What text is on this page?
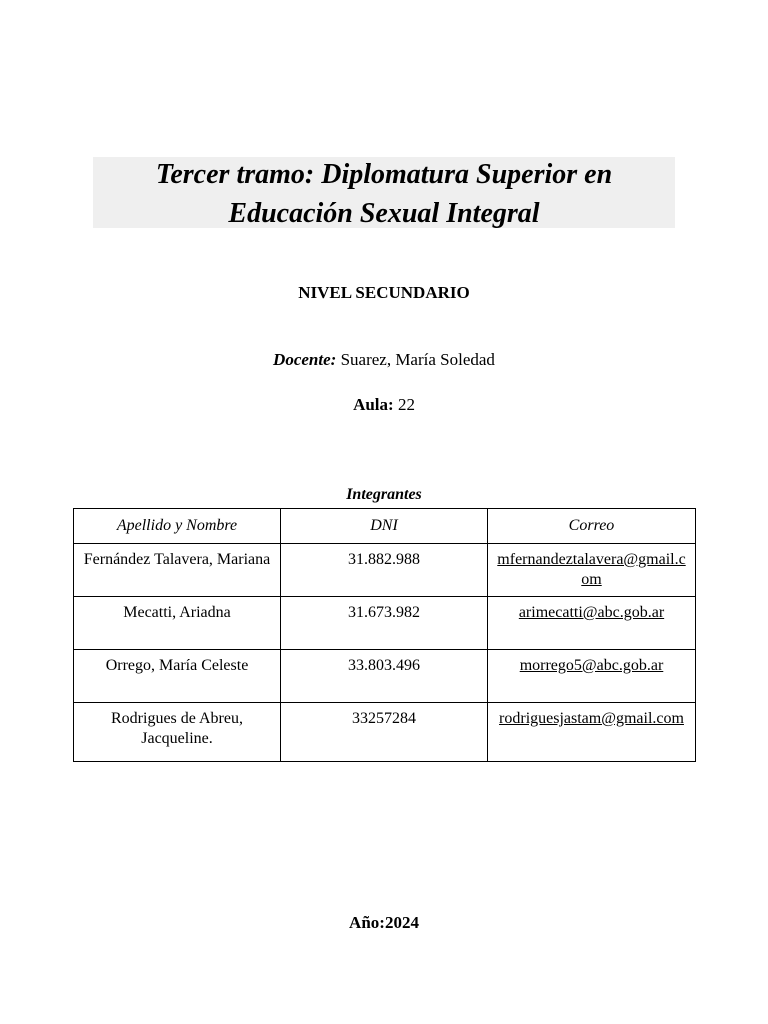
Tercer tramo: Diplomatura Superior en
Educación Sexual Integral
NIVEL SECUNDARIO
Docente: Suarez, María Soledad
Aula: 22
Integrantes
Apellido y Nombre	DNI	Correo
Fernández Talavera, Mariana	31.882.988	mfernandeztalavera@gmail.com
Mecatti, Ariadna	31.673.982	arimecatti@abc.gob.ar
Orrego, María Celeste	33.803.496	morrego5@abc.gob.ar
Rodrigues de Abreu, Jacqueline.	33257284	rodriguesjastam@gmail.com
Año:2024
